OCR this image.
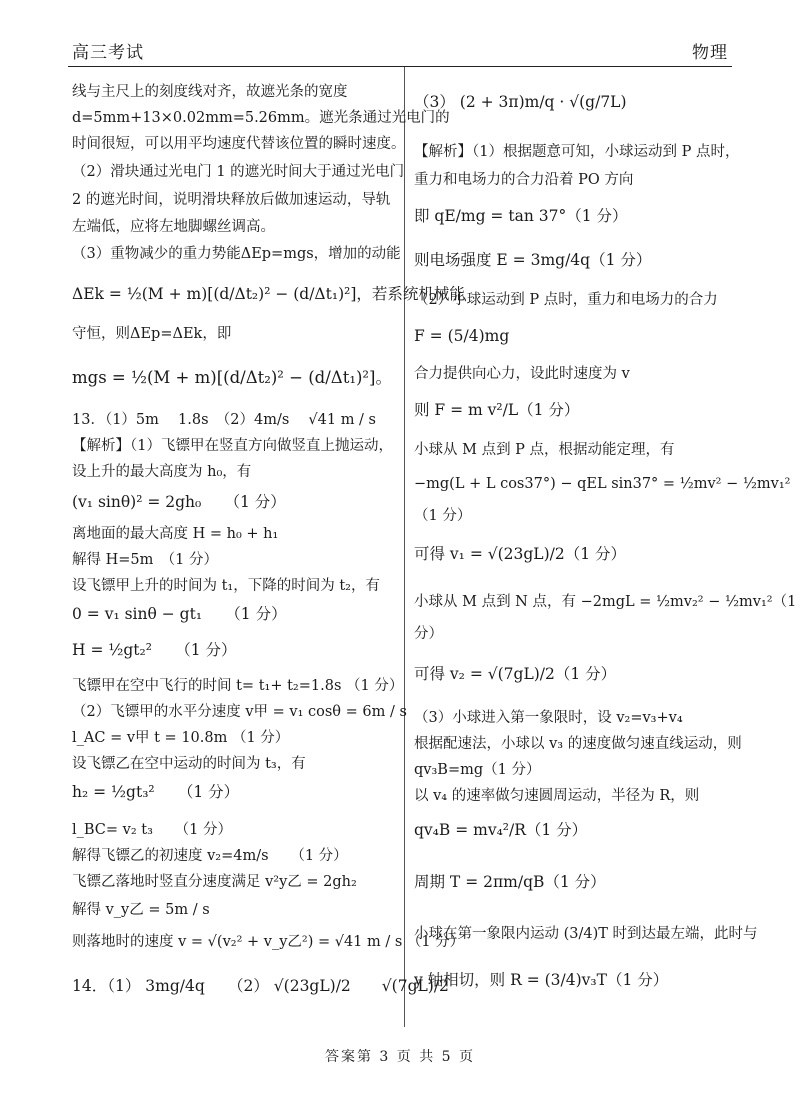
高三考试	物理
线与主尺上的刻度线对齐，故遮光条的宽度
d=5mm+13×0.02mm=5.26mm。遮光条通过光电门的
时间很短，可以用平均速度代替该位置的瞬时速度。
（2）滑块通过光电门 1 的遮光时间大于通过光电门
2 的遮光时间，说明滑块释放后做加速运动，导轨
左端低，应将左地脚螺丝调高。
（3）重物减少的重力势能ΔEp=mgs，增加的动能
ΔEk = ½(M + m)[(d/Δt₂)² − (d/Δt₁)²]，若系统机械能
守恒，则ΔEp=ΔEk，即
mgs = ½(M + m)[(d/Δt₂)² − (d/Δt₁)²]。
13．（1）5m　 1.8s　（2）4m/s　 √41 m / s
【解析】（1）飞镖甲在竖直方向做竖直上抛运动，
设上升的最大高度为 h₀，有
(v₁ sinθ)² = 2gh₀　　（1 分）
离地面的最大高度 H = h₀ + h₁
解得 H=5m　（1 分）
设飞镖甲上升的时间为 t₁，下降的时间为 t₂，有
0 = v₁ sinθ − gt₁　　（1 分）
H = ½gt₂²　　（1 分）
飞镖甲在空中飞行的时间 t= t₁+ t₂=1.8s （1 分）
（2）飞镖甲的水平分速度 v甲 = v₁ cosθ = 6m / s
l_AC = v甲 t = 10.8m （1 分）
设飞镖乙在空中运动的时间为 t₃，有
h₂ = ½gt₃²　　（1 分）
l_BC= v₂ t₃　　（1 分）
解得飞镖乙的初速度 v₂=4m/s　　（1 分）
飞镖乙落地时竖直分速度满足 v²y乙 = 2gh₂
解得 v_y乙 = 5m / s
则落地时的速度 v = √(v₂² + v_y乙²) = √41 m / s （1 分）
14．（1） 3mg/4q　　（2） √(23gL)/2　　√(7gL)/2
（3） (2 + 3π)m/q · √(g/7L)
【解析】（1）根据题意可知，小球运动到 P 点时，
重力和电场力的合力沿着 PO 方向
即 qE/mg = tan 37°（1 分）
则电场强度 E = 3mg/4q（1 分）
（2）小球运动到 P 点时，重力和电场力的合力
F = (5/4)mg
合力提供向心力，设此时速度为 v
则 F = m v²/L（1 分）
小球从 M 点到 P 点，根据动能定理，有
−mg(L + L cos37°) − qEL sin37° = ½mv² − ½mv₁²
（1 分）
可得 v₁ = √(23gL)/2（1 分）
小球从 M 点到 N 点，有 −2mgL = ½mv₂² − ½mv₁²（1
分）
可得 v₂ = √(7gL)/2（1 分）
（3）小球进入第一象限时，设 v₂=v₃+v₄
根据配速法，小球以 v₃ 的速度做匀速直线运动，则
qv₃B=mg（1 分）
以 v₄ 的速率做匀速圆周运动，半径为 R，则
qv₄B = mv₄²/R（1 分）
周期 T = 2πm/qB（1 分）
小球在第一象限内运动 (3/4)T 时到达最左端，此时与
y 轴相切，则 R = (3/4)v₃T（1 分）
答案第 3 页 共 5 页
